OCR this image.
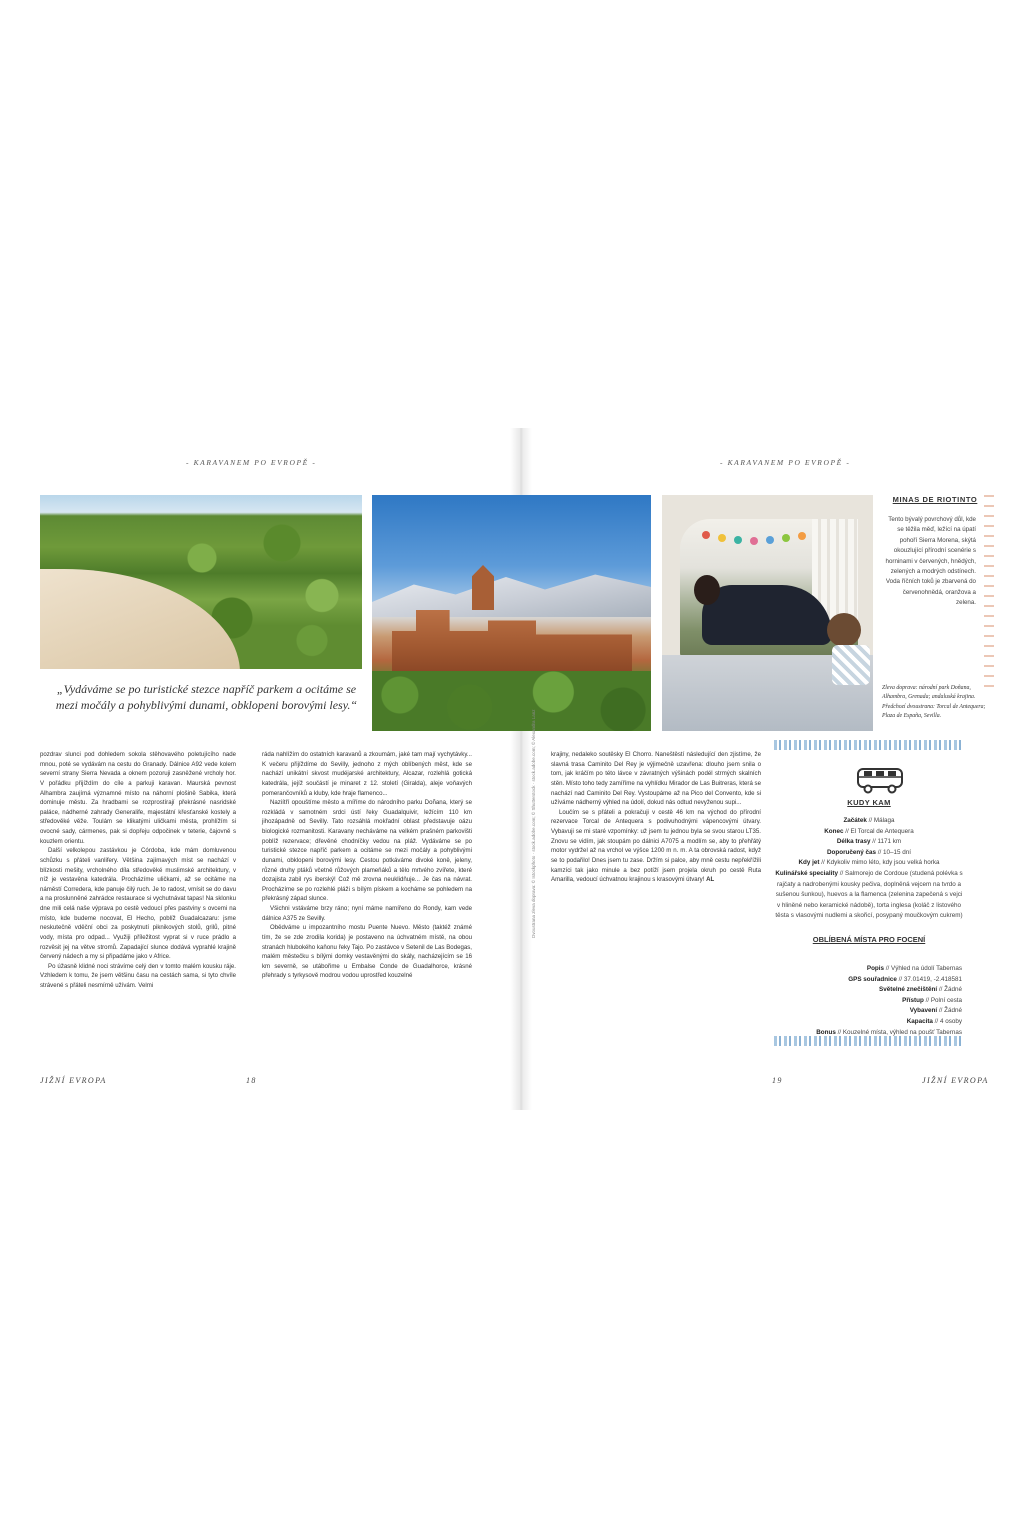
- KARAVANEM PO EVROPĚ -	- KARAVANEM PO EVROPĚ -
„Vydáváme se po turistické stezce napříč parkem a ocitáme se mezi močály a pohyblivými dunami, obklopeni borovými lesy.“
MINAS DE RIOTINTO
Tento bývalý povrchový důl, kde se těžila měď, ležící na úpatí pohoří Sierra Morena, skýtá okouzlující přírodní scenérie s horninami v červených, hnědých, zelených a modrých odstínech. Voda říčních toků je zbarvená do červenohnědá, oranžova a zelena.
Zleva doprava: národní park Doñana, Alhambra, Grenada; andaluská krajina. Předchozí dvoustrana: Torcal de Antequera; Plaza de España, Sevilla.

pozdrav slunci pod dohledem sokola stěhovavého poletujícího nade mnou, poté se vydávám na cestu do Granady. Dálnice A92 vede kolem severní strany Sierra Nevada a oknem pozoruji zasněžené vrcholy hor. V pořádku přijíždím do cíle a parkuji karavan. Maurská pevnost Alhambra zaujímá významné místo na náhorní plošině Sabika, která dominuje městu. Za hradbami se rozprostírají překrásné nasridské paláce, nádherné zahrady Generalife, majestátní křesťanské kostely a středověké věže. Toulám se klikatými uličkami města, prohlížím si ovocné sady, cármenes, pak si dopřeju odpočinek v teterie, čajovně s kouzlem orientu.

Další velkolepou zastávkou je Córdoba, kde mám domluvenou schůzku s přáteli vanlifery. Většina zajímavých míst se nachází v blízkosti mešity, vrcholného díla středověké muslimské architektury, v níž je vestavěna katedrála. Procházíme uličkami, až se ocitáme na náměstí Corredera, kde panuje čilý ruch. Je to radost, vmísit se do davu a na proslunněné zahrádce restaurace si vychutnávat tapas! Na sklonku dne mili celá naše výprava po cestě vedoucí přes pastviny s ovcemi na místo, kde budeme nocovat, El Hecho, poblíž Guadalcazaru: jsme neskutečně vděční obci za poskytnutí piknikových stolů, grilů, pitné vody, místa pro odpad... Využiji příležitost vyprat si v ruce prádlo a rozvěsit jej na větve stromů. Zapadající slunce dodává vyprahlé krajině červený nádech a my si připadáme jako v Africe.

Po úžasně klidné noci strávíme celý den v tomto malém kousku ráje. Vzhledem k tomu, že jsem většinu času na cestách sama, si tyto chvíle strávené s přáteli nesmírně užívám. Velmi

ráda nahlížím do ostatních karavanů a zkoumám, jaké tam mají vychytávky... K večeru přijíždíme do Sevilly, jednoho z mých oblíbených měst, kde se nachází unikátní skvost mudéjarské architektury, Alcazar, rozlehlá gotická katedrála, jejíž součástí je minaret z 12. století (Giralda), aleje voňavých pomerančovníků a kluby, kde hraje flamenco...

Naziítří opouštíme město a míříme do národního parku Doñana, který se rozkládá v samotném srdci ústí řeky Guadalquivir, ležícím 110 km jihozápadně od Sevilly. Tato rozsáhlá mokřadní oblast představuje oázu biologické rozmanitosti. Karavany necháváme na velkém prašném parkovišti poblíž rezervace; dřevěné chodníčky vedou na pláž. Vydáváme se po turistické stezce napříč parkem a ocitáme se mezi močály a pohyblivými dunami, obklopeni borovými lesy. Cestou potkáváme divoké koně, jeleny, různé druhy ptáků včetně růžových plameňáků a tělo mrtvého zvířete, které dozajista zabil rys iberský! Což mě zrovna neuklidňuje... Je čas na návrat. Procházíme se po rozlehlé pláži s bílým pískem a kocháme se pohledem na překrásný západ slunce.

Všichni vstáváme brzy ráno; nyní máme namířeno do Rondy, kam vede dálnice A375 ze Sevilly.

Obědváme u impozantního mostu Puente Nuevo. Město (taktéž známé tím, že se zde zrodila korida) je postaveno na úchvatném místě, na obou stranách hlubokého kaňonu řeky Tajo. Po zastávce v Setenil de Las Bodegas, malém městečku s bílými domky vestavěnými do skály, nacházejícím se 16 km severně, se utábořime u Embalse Conde de Guadalhorce, krásné přehrady s tyrkysově modrou vodou uprostřed kouzelné

krajiny, nedaleko soutěsky El Chorro. Naneštěstí následující den zjistíme, že slavná trasa Caminito Del Rey je výjimečně uzavřena: dlouho jsem snila o tom, jak kráčím po této lávce v závratných výšinách podél strmých skalních stěn. Místo toho tedy zamíříme na vyhlídku Mirador de Las Buitreras, která se nachází nad Caminito Del Rey. Vystoupáme až na Pico del Convento, kde si užíváme nádherný výhled na údolí, dokud nás odtud nevyženou supi...

Loučím se s přáteli a pokračuji v cestě 46 km na východ do přírodní rezervace Torcal de Antequera s podivuhodnými vápencovými útvary. Vybavuji se mi staré vzpomínky: už jsem tu jednou byla se svou starou LT35. Znovu se vidím, jak stoupám po dálnici A7075 a modlím se, aby to přehřátý motor vydržel až na vrchol ve výšce 1200 m n. m. A ta obrovská radost, když se to podařilo! Dnes jsem tu zase. Držím si palce, aby mně cestu nepřekřížili kamzíci tak jako minule a bez potíží jsem projela okruh po cestě Ruta Amarilla, vedoucí úchvatnou krajinou s krasovými útvary! AL

Dvoustrana zleva doprava: © Istockphoto · stock.adobe.com; © Shutterstock · stock.adobe.com; © Alexandra Lanz	KUDY KAM
Začátek // Málaga
Konec // El Torcal de Antequera
Délka trasy // 1171 km
Doporučený čas // 10–15 dní
Kdy jet // Kdykoliv mimo léto, kdy jsou velká horka
Kulinářské speciality // Salmorejo de Cordoue (studená polévka s rajčaty a nadrobenými kousky pečiva, doplněná vejcem na tvrdo a sušenou šunkou), huevos a la flamenca (zelenina zapečená s vejci v hliněné nebo keramické nádobě), torta inglesa (koláč z listového těsta s vlasovými nudlemi a skořicí, posypaný moučkovým cukrem)
OBLÍBENÁ MÍSTA PRO FOCENÍ
Popis // Výhled na údolí Tabernas
GPS souřadnice // 37.01419, -2.418581
Světelné znečištění // Žádné
Přístup // Polní cesta
Vybavení // Žádné
Kapacita // 4 osoby
Bonus // Kouzelné místa, výhled na poušť Tabernas
JIŽNÍ EVROPA	18	19	JIŽNÍ EVROPA
